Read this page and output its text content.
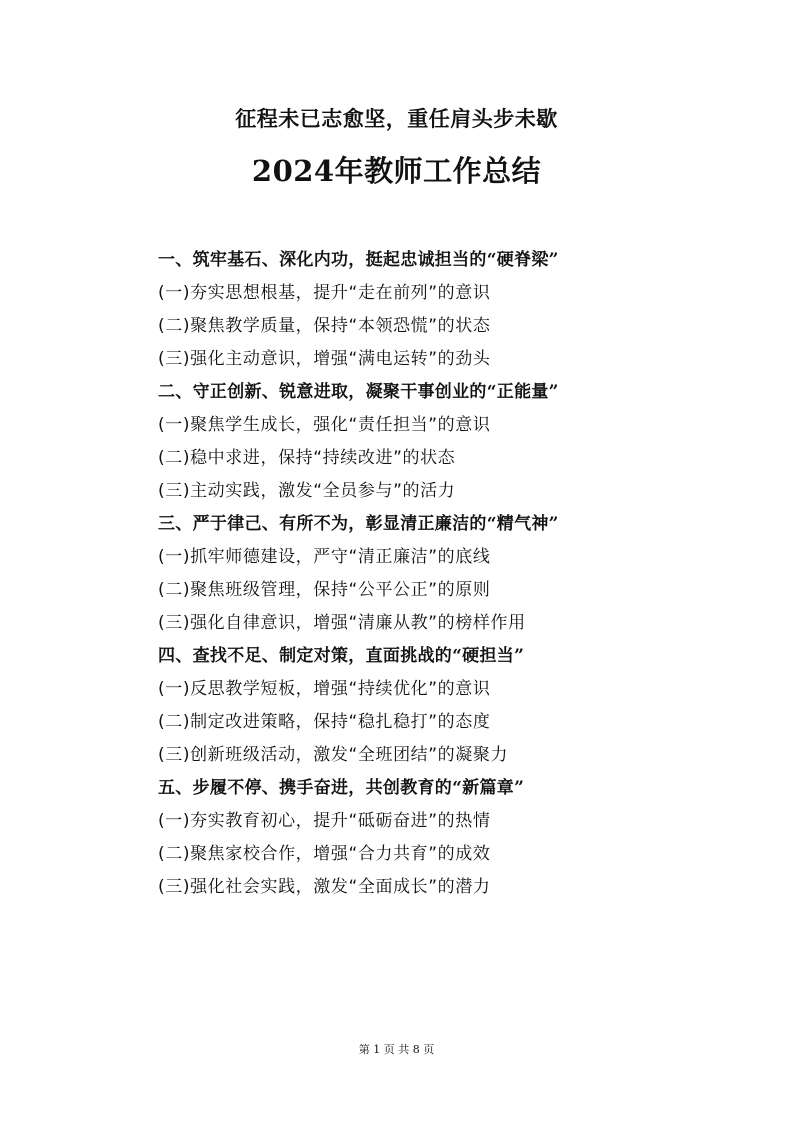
征程未已志愈坚，重任肩头步未歇
2024年教师工作总结
一、筑牢基石、深化内功，挺起忠诚担当的“硬脊梁”
(一)夯实思想根基，提升“走在前列”的意识
(二)聚焦教学质量，保持“本领恐慌”的状态
(三)强化主动意识，增强“满电运转”的劲头
二、守正创新、锐意进取，凝聚干事创业的“正能量”
(一)聚焦学生成长，强化“责任担当”的意识
(二)稳中求进，保持“持续改进”的状态
(三)主动实践，激发“全员参与”的活力
三、严于律己、有所不为，彰显清正廉洁的“精气神”
(一)抓牢师德建设，严守“清正廉洁”的底线
(二)聚焦班级管理，保持“公平公正”的原则
(三)强化自律意识，增强“清廉从教”的榜样作用
四、查找不足、制定对策，直面挑战的“硬担当”
(一)反思教学短板，增强“持续优化”的意识
(二)制定改进策略，保持“稳扎稳打”的态度
(三)创新班级活动，激发“全班团结”的凝聚力
五、步履不停、携手奋进，共创教育的“新篇章”
(一)夯实教育初心，提升“砥砺奋进”的热情
(二)聚焦家校合作，增强“合力共育”的成效
(三)强化社会实践，激发“全面成长”的潜力
第 1 页 共 8 页
